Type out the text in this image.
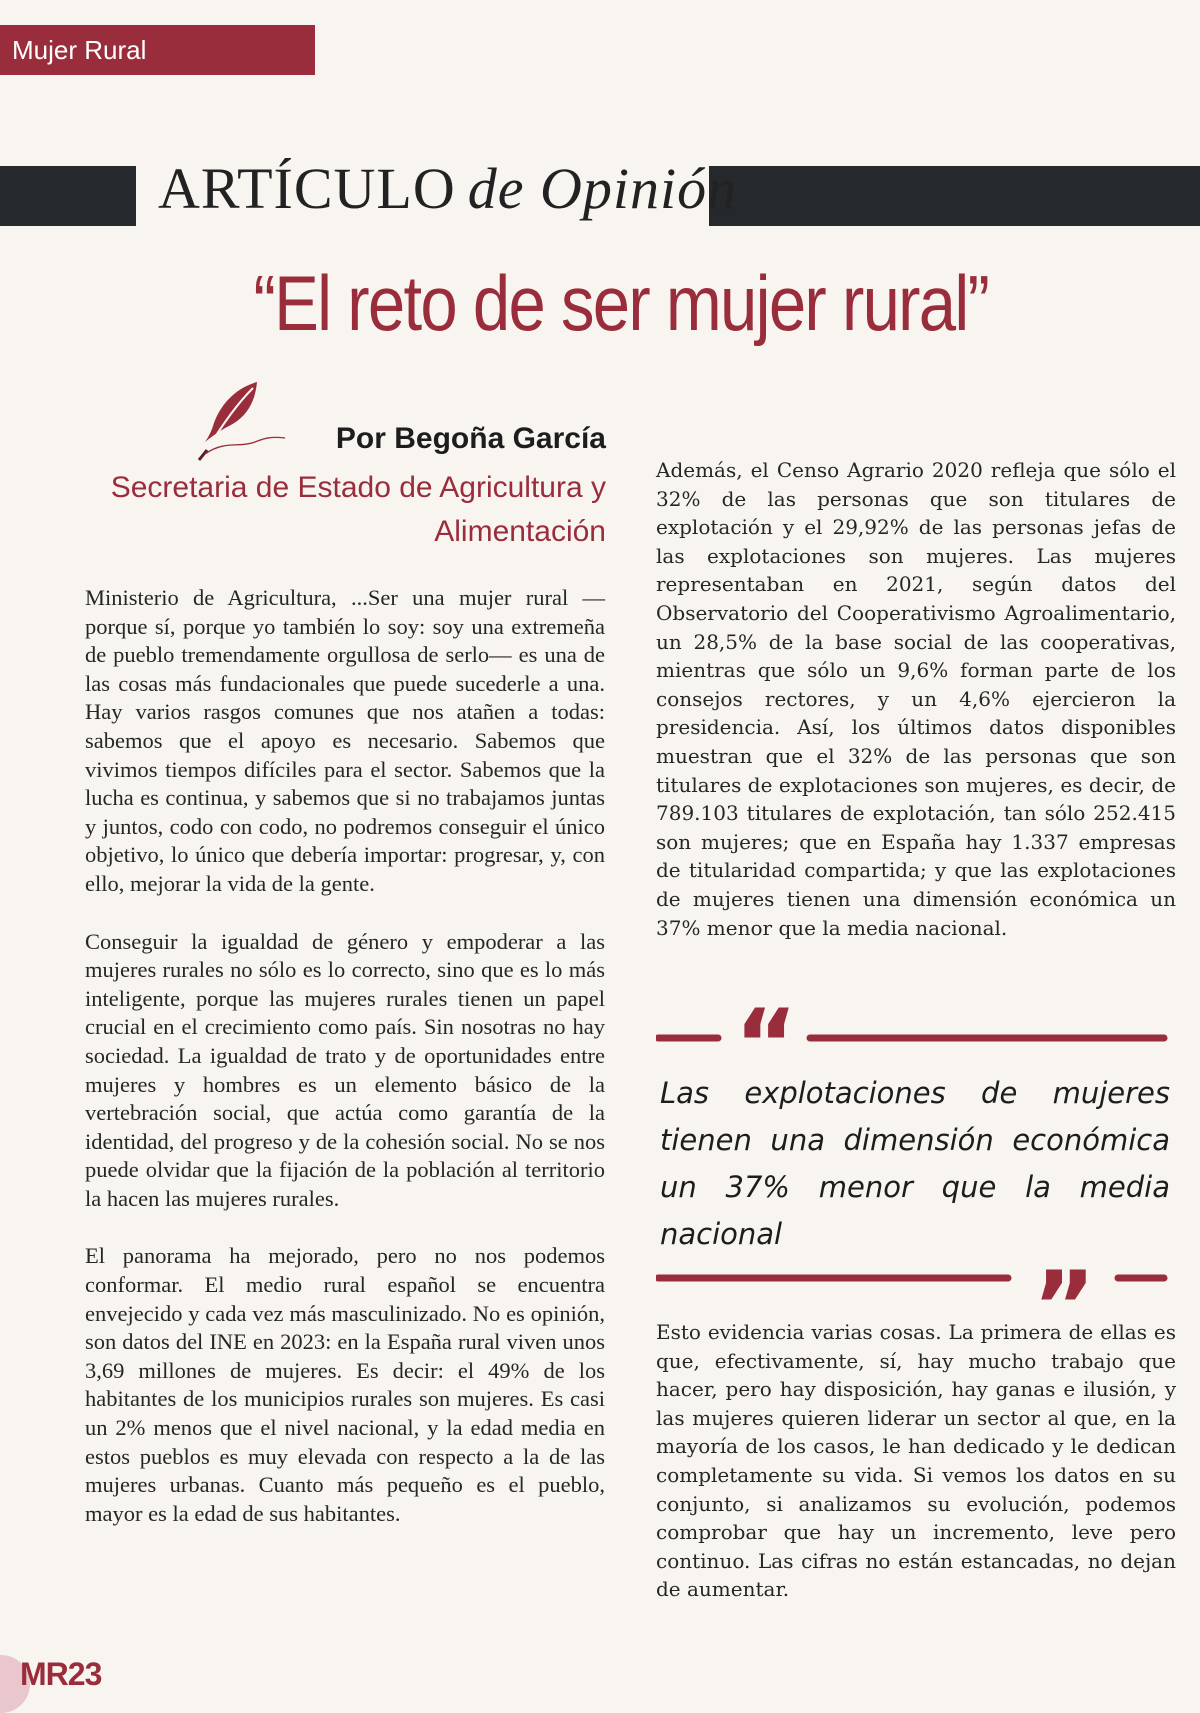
Mujer Rural
ARTÍCULO de Opinión
“El reto de ser mujer rural”
Por Begoña García
Secretaria de Estado de Agricultura y Alimentación

Ministerio de Agricultura, ...Ser una mujer rural —porque sí, porque yo también lo soy: soy una extremeña de pueblo tremendamente orgullosa de serlo— es una de las cosas más fundacionales que puede sucederle a una. Hay varios rasgos comunes que nos atañen a todas: sabemos que el apoyo es necesario. Sabemos que vivimos tiempos difíciles para el sector. Sabemos que la lucha es continua, y sabemos que si no trabajamos juntas y juntos, codo con codo, no podremos conseguir el único objetivo, lo único que debería importar: progresar, y, con ello, mejorar la vida de la gente.

Conseguir la igualdad de género y empoderar a las mujeres rurales no sólo es lo correcto, sino que es lo más inteligente, porque las mujeres rurales tienen un papel crucial en el crecimiento como país. Sin nosotras no hay sociedad. La igualdad de trato y de oportunidades entre mujeres y hombres es un elemento básico de la vertebración social, que actúa como garantía de la identidad, del progreso y de la cohesión social. No se nos puede olvidar que la fijación de la población al territorio la hacen las mujeres rurales.

El panorama ha mejorado, pero no nos podemos conformar. El medio rural español se encuentra envejecido y cada vez más masculinizado. No es opinión, son datos del INE en 2023: en la España rural viven unos 3,69 millones de mujeres. Es decir: el 49% de los habitantes de los municipios rurales son mujeres. Es casi un 2% menos que el nivel nacional, y la edad media en estos pueblos es muy elevada con respecto a la de las mujeres urbanas. Cuanto más pequeño es el pueblo, mayor es la edad de sus habitantes.

Además, el Censo Agrario 2020 refleja que sólo el 32% de las personas que son titulares de explotación y el 29,92% de las personas jefas de las explotaciones son mujeres. Las mujeres representaban en 2021, según datos del Observatorio del Cooperativismo Agroalimentario, un 28,5% de la base social de las cooperativas, mientras que sólo un 9,6% forman parte de los consejos rectores, y un 4,6% ejercieron la presidencia. Así, los últimos datos disponibles muestran que el 32% de las personas que son titulares de explotaciones son mujeres, es decir, de 789.103 titulares de explotación, tan sólo 252.415 son mujeres; que en España hay 1.337 empresas de titularidad compartida; y que las explotaciones de mujeres tienen una dimensión económica un 37% menor que la media nacional.

“
Las explotaciones de mujeres tienen una dimensión económica un 37% menor que la media nacional
”

Esto evidencia varias cosas. La primera de ellas es que, efectivamente, sí, hay mucho trabajo que hacer, pero hay disposición, hay ganas e ilusión, y las mujeres quieren liderar un sector al que, en la mayoría de los casos, le han dedicado y le dedican completamente su vida. Si vemos los datos en su conjunto, si analizamos su evolución, podemos comprobar que hay un incremento, leve pero continuo. Las cifras no están estancadas, no dejan de aumentar.

MR23
